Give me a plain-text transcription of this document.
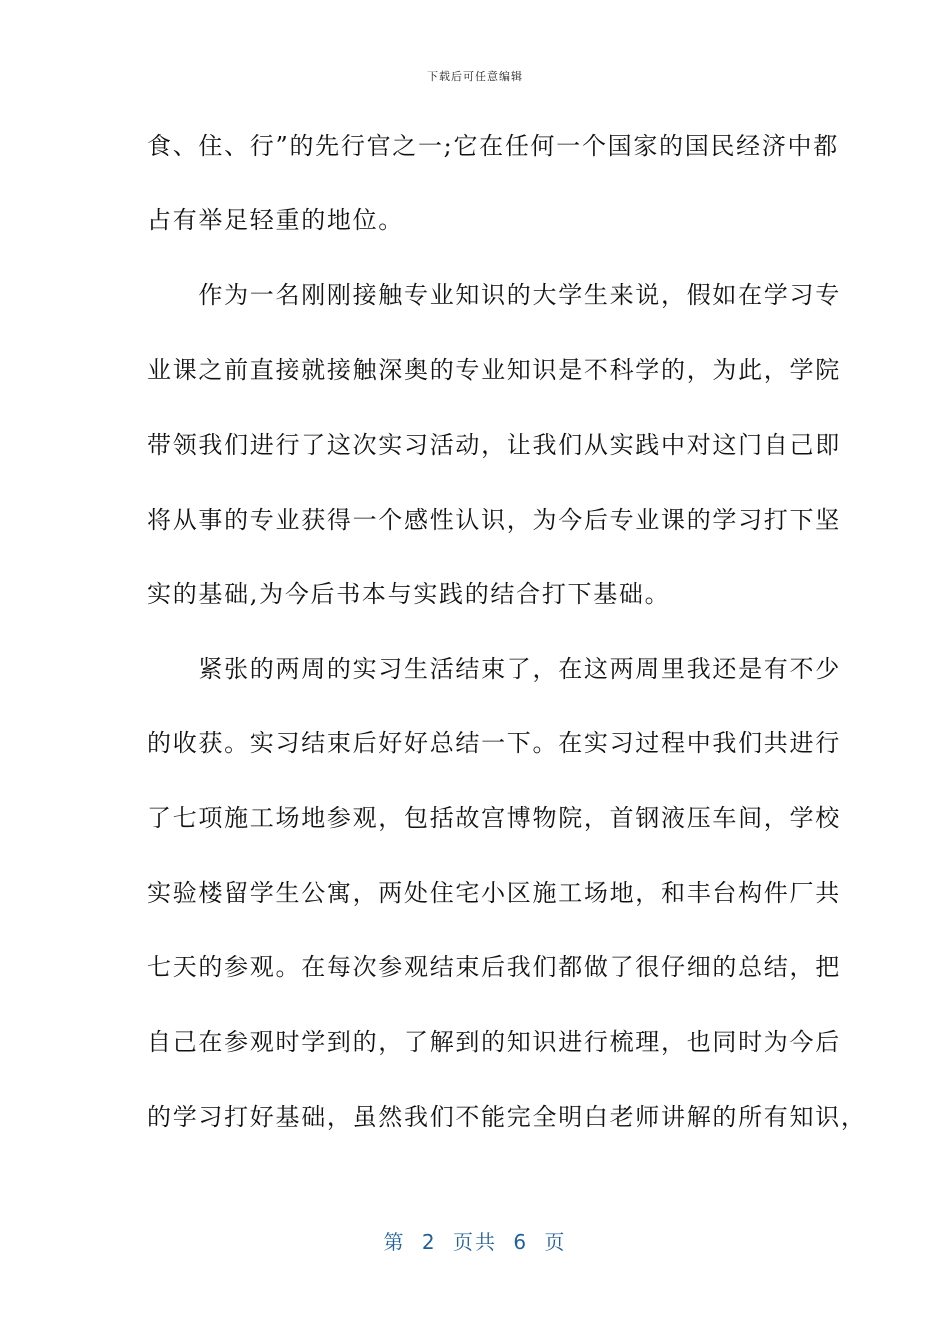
下载后可任意编辑
食、住、行”的先行官之一;它在任何一个国家的国民经济中都
占有举足轻重的地位。
　　作为一名刚刚接触专业知识的大学生来说，假如在学习专
业课之前直接就接触深奥的专业知识是不科学的，为此，学院
带领我们进行了这次实习活动，让我们从实践中对这门自己即
将从事的专业获得一个感性认识，为今后专业课的学习打下坚
实的基础,为今后书本与实践的结合打下基础。
　　紧张的两周的实习生活结束了，在这两周里我还是有不少
的收获。实习结束后好好总结一下。在实习过程中我们共进行
了七项施工场地参观，包括故宫博物院，首钢液压车间，学校
实验楼留学生公寓，两处住宅小区施工场地，和丰台构件厂共
七天的参观。在每次参观结束后我们都做了很仔细的总结，把
自己在参观时学到的，了解到的知识进行梳理，也同时为今后
的学习打好基础，虽然我们不能完全明白老师讲解的所有知识，
第 2 页共 6 页
